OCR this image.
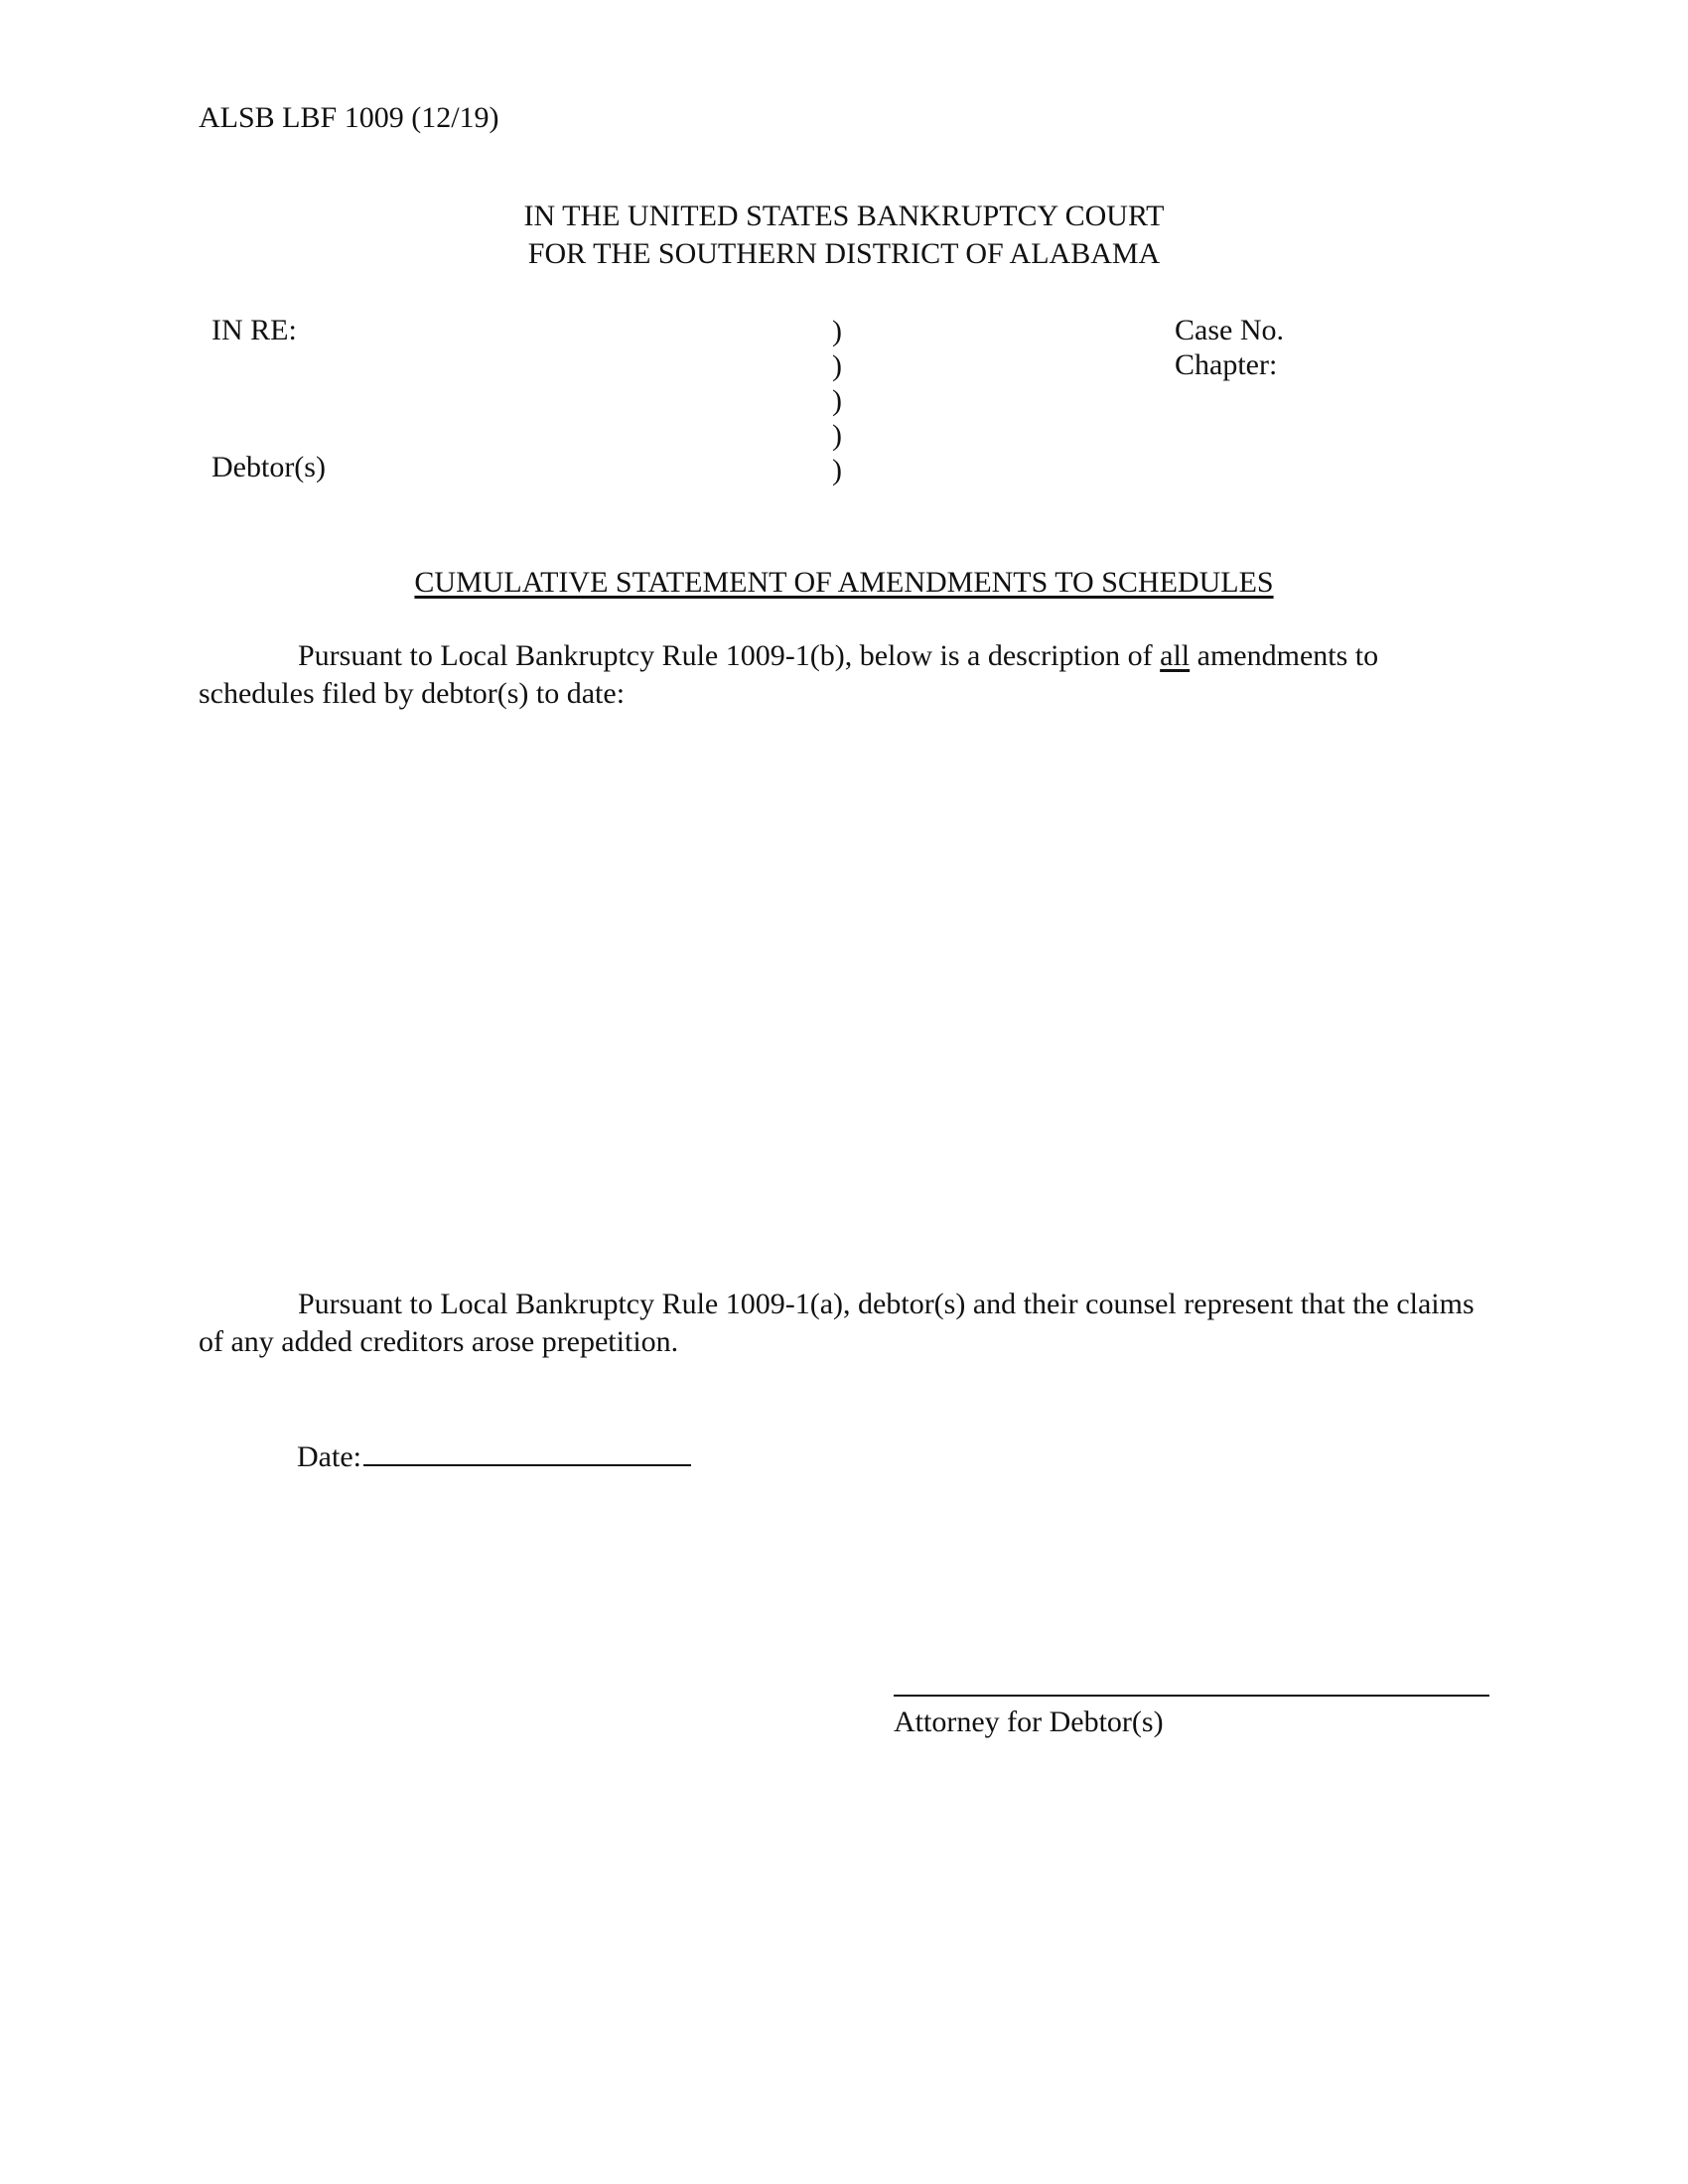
ALSB LBF 1009 (12/19)
IN THE UNITED STATES BANKRUPTCY COURT
FOR THE SOUTHERN DISTRICT OF ALABAMA
IN RE:
Debtor(s)
)
)
)
)
)
Case No.
Chapter:
CUMULATIVE STATEMENT OF AMENDMENTS TO SCHEDULES
Pursuant to Local Bankruptcy Rule 1009-1(b), below is a description of all amendments to schedules filed by debtor(s) to date:
Pursuant to Local Bankruptcy Rule 1009-1(a), debtor(s) and their counsel represent that the claims of any added creditors arose prepetition.
Date:
Attorney for Debtor(s)
